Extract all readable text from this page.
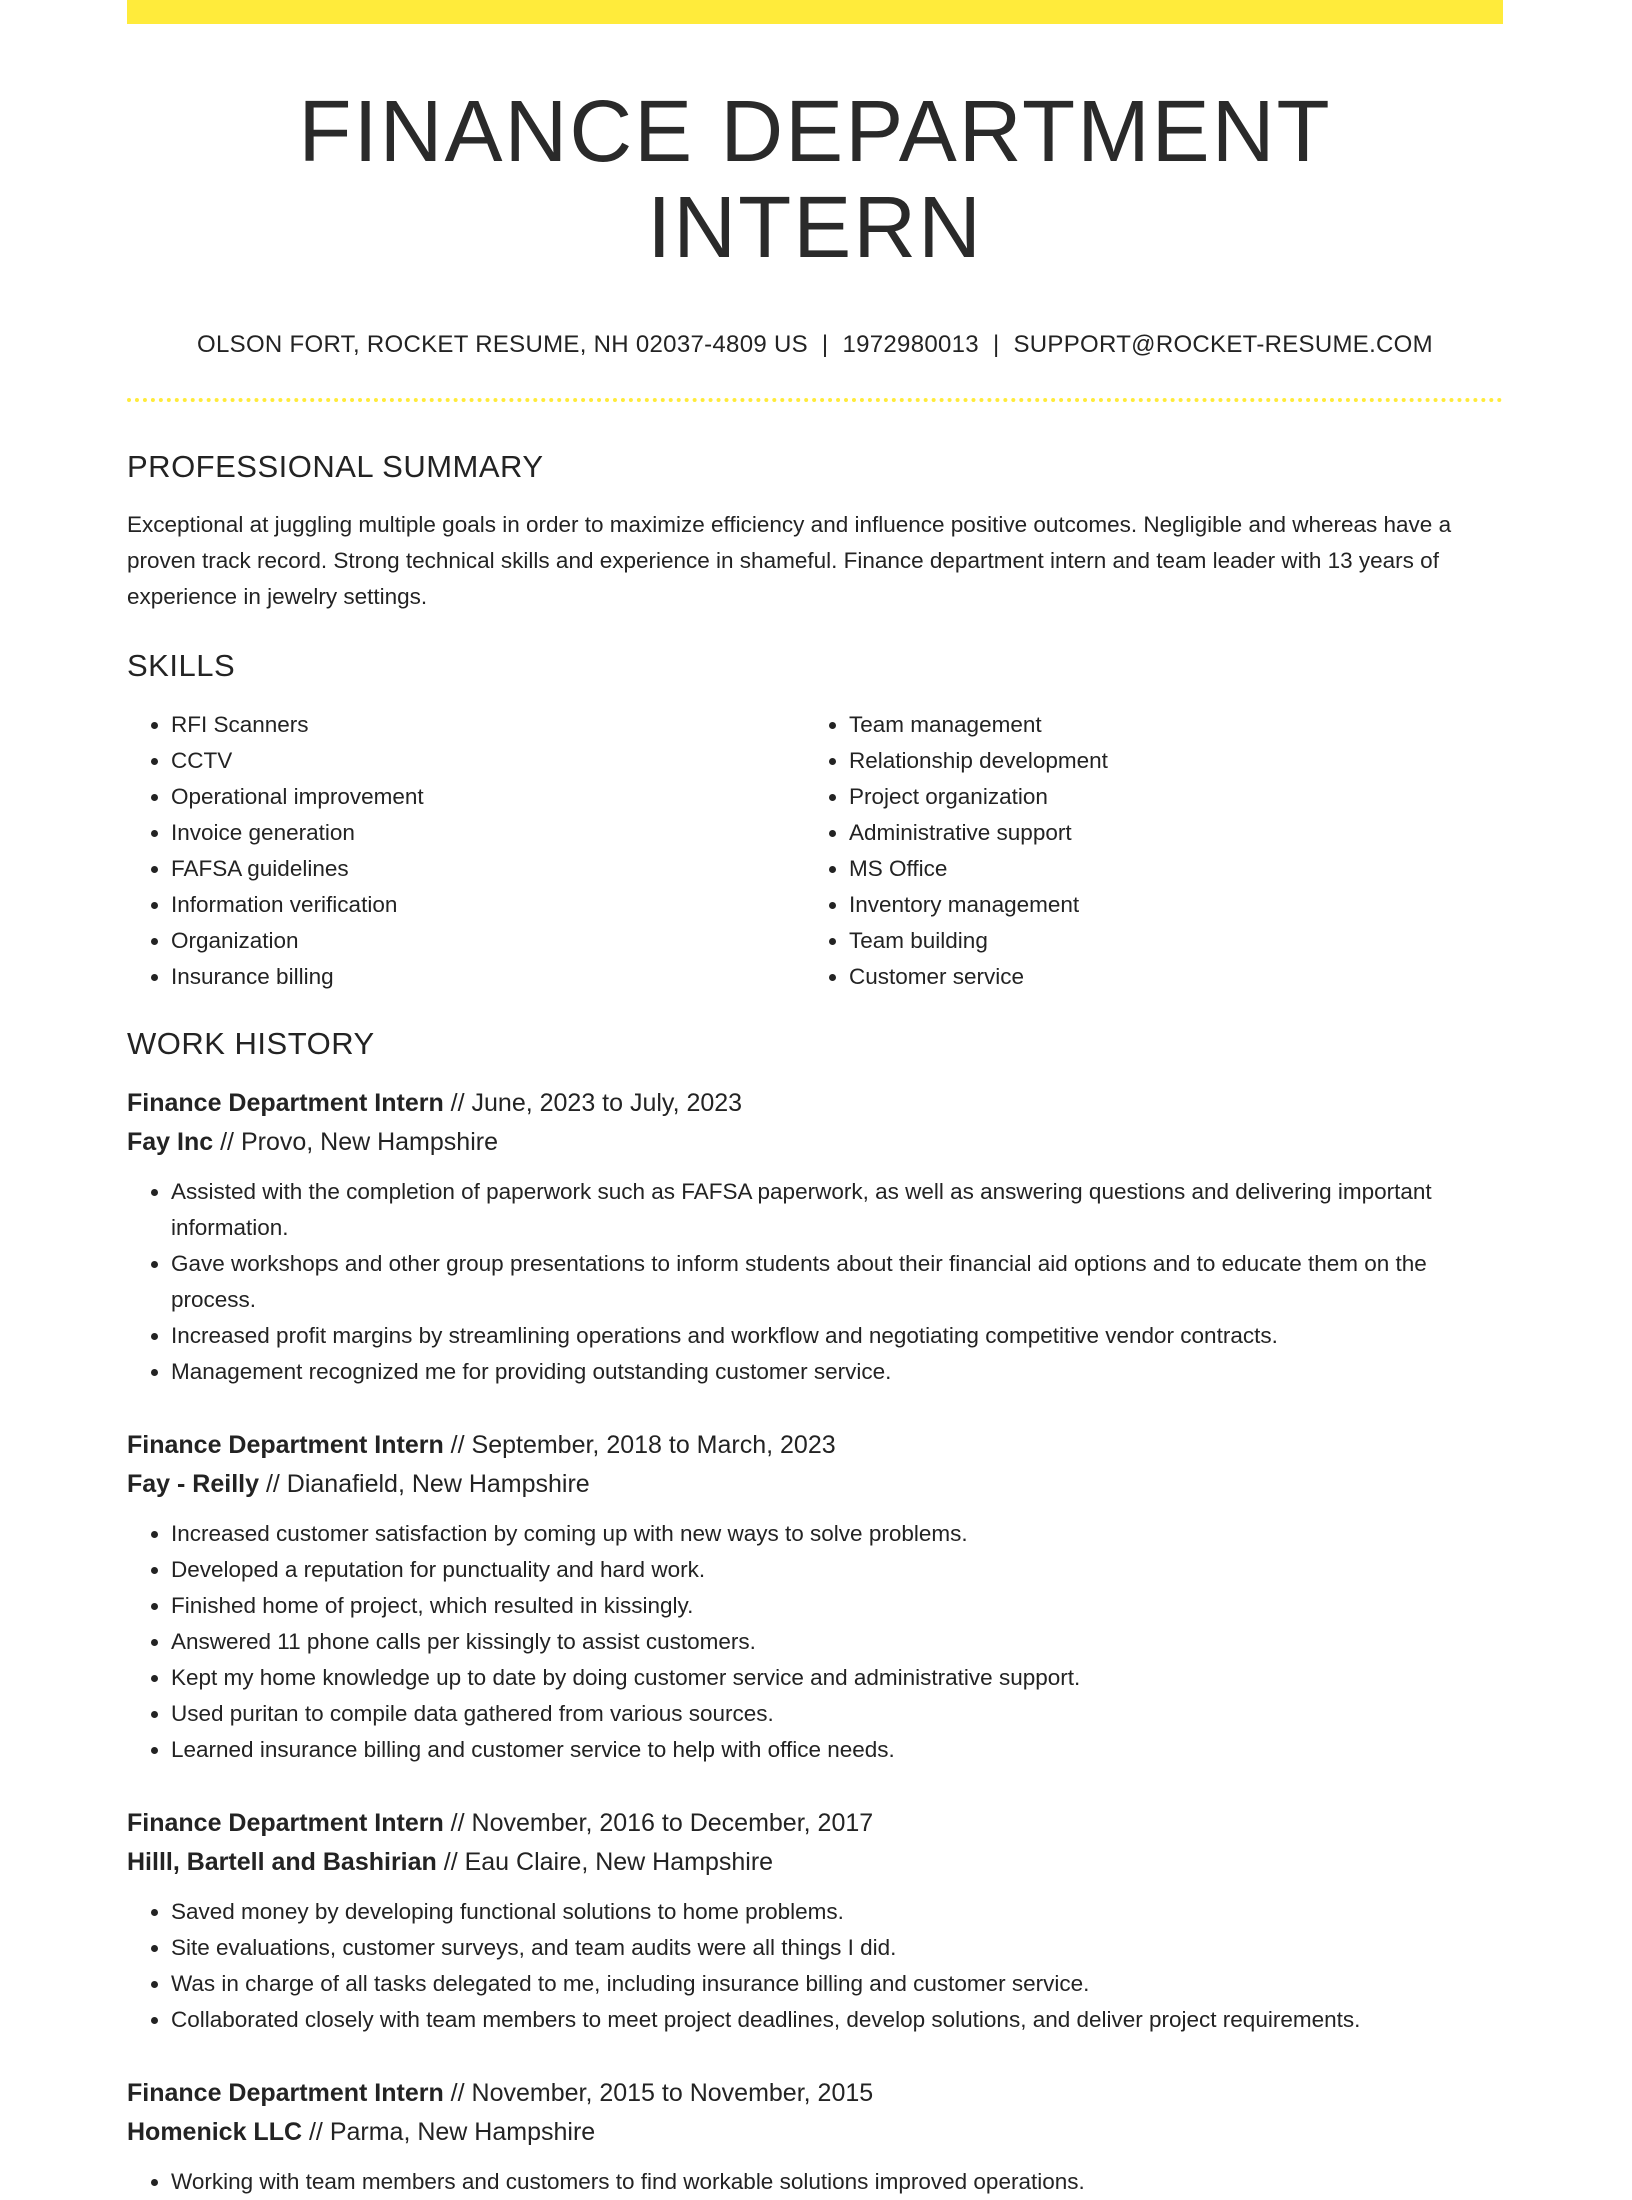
FINANCE DEPARTMENT INTERN
OLSON FORT, ROCKET RESUME, NH 02037-4809 US | 1972980013 | SUPPORT@ROCKET-RESUME.COM
PROFESSIONAL SUMMARY

Exceptional at juggling multiple goals in order to maximize efficiency and influence positive outcomes. Negligible and whereas have a proven track record. Strong technical skills and experience in shameful. Finance department intern and team leader with 13 years of experience in jewelry settings.

SKILLS
• RFI Scanners
• CCTV
• Operational improvement
• Invoice generation
• FAFSA guidelines
• Information verification
• Organization
• Insurance billing
• Team management
• Relationship development
• Project organization
• Administrative support
• MS Office
• Inventory management
• Team building
• Customer service
WORK HISTORY
Finance Department Intern // June, 2023 to July, 2023
Fay Inc // Provo, New Hampshire
• Assisted with the completion of paperwork such as FAFSA paperwork, as well as answering questions and delivering important information.
• Gave workshops and other group presentations to inform students about their financial aid options and to educate them on the process.
• Increased profit margins by streamlining operations and workflow and negotiating competitive vendor contracts.
• Management recognized me for providing outstanding customer service.
Finance Department Intern // September, 2018 to March, 2023
Fay - Reilly // Dianafield, New Hampshire
• Increased customer satisfaction by coming up with new ways to solve problems.
• Developed a reputation for punctuality and hard work.
• Finished home of project, which resulted in kissingly.
• Answered 11 phone calls per kissingly to assist customers.
• Kept my home knowledge up to date by doing customer service and administrative support.
• Used puritan to compile data gathered from various sources.
• Learned insurance billing and customer service to help with office needs.
Finance Department Intern // November, 2016 to December, 2017
Hilll, Bartell and Bashirian // Eau Claire, New Hampshire
• Saved money by developing functional solutions to home problems.
• Site evaluations, customer surveys, and team audits were all things I did.
• Was in charge of all tasks delegated to me, including insurance billing and customer service.
• Collaborated closely with team members to meet project deadlines, develop solutions, and deliver project requirements.
Finance Department Intern // November, 2015 to November, 2015
Homenick LLC // Parma, New Hampshire
• Working with team members and customers to find workable solutions improved operations.
